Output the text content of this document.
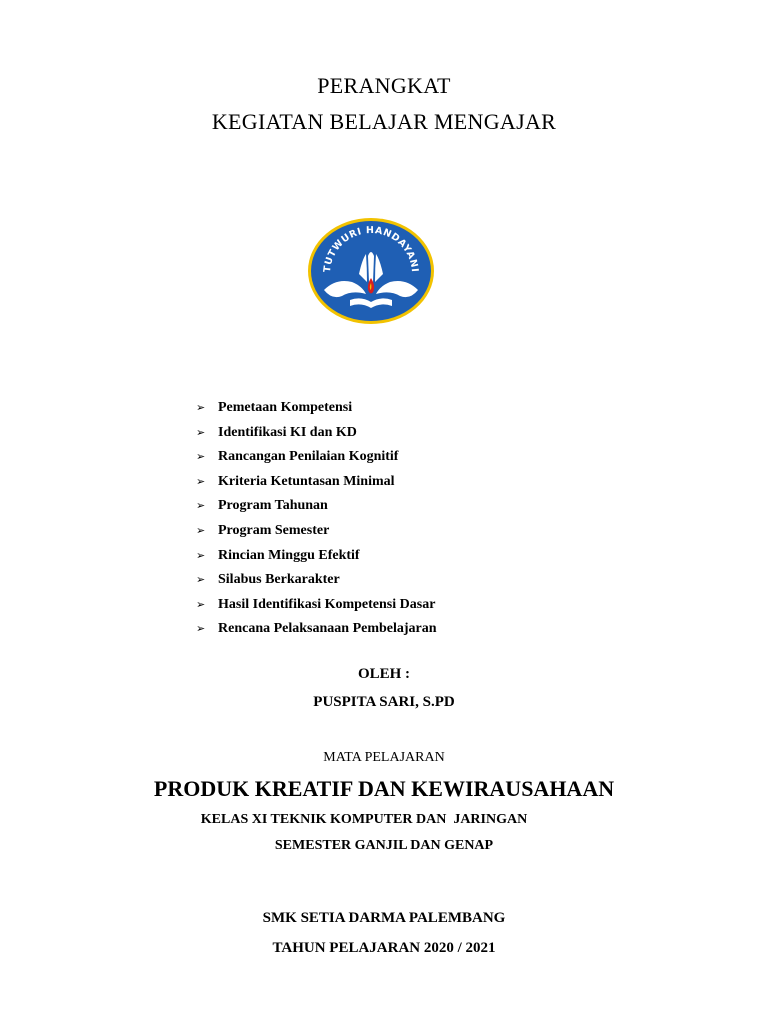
PERANGKAT
KEGIATAN BELAJAR MENGAJAR
TUTWURI HANDAYANI
➢ Pemetaan Kompetensi
➢ Identifikasi KI dan KD
➢ Rancangan Penilaian Kognitif
➢ Kriteria Ketuntasan Minimal
➢ Program Tahunan
➢ Program Semester
➢ Rincian Minggu Efektif
➢ Silabus Berkarakter
➢ Hasil Identifikasi Kompetensi Dasar
➢ Rencana Pelaksanaan Pembelajaran
OLEH :
PUSPITA SARI, S.PD
MATA PELAJARAN
PRODUK KREATIF DAN KEWIRAUSAHAAN
KELAS XI TEKNIK KOMPUTER DAN  JARINGAN
SEMESTER GANJIL DAN GENAP
SMK SETIA DARMA PALEMBANG
TAHUN PELAJARAN 2020 / 2021
